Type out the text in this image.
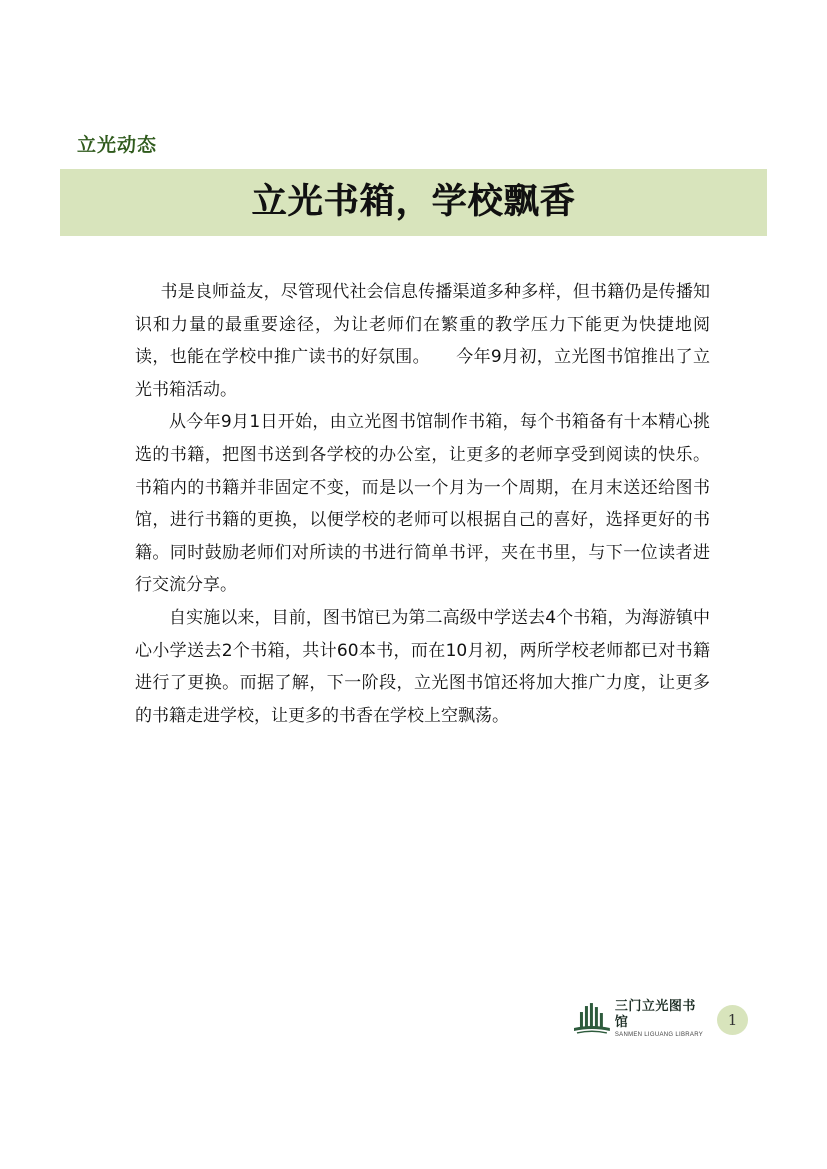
立光动态
立光书箱，学校飘香

书是良师益友，尽管现代社会信息传播渠道多种多样，但书籍仍是传播知识和力量的最重要途径，为让老师们在繁重的教学压力下能更为快捷地阅读，也能在学校中推广读书的好氛围。　　今年9月初，立光图书馆推出了立光书箱活动。

从今年9月1日开始，由立光图书馆制作书箱，每个书箱备有十本精心挑选的书籍，把图书送到各学校的办公室，让更多的老师享受到阅读的快乐。书箱内的书籍并非固定不变，而是以一个月为一个周期，在月末送还给图书馆，进行书籍的更换，以便学校的老师可以根据自己的喜好，选择更好的书籍。同时鼓励老师们对所读的书进行简单书评，夹在书里，与下一位读者进行交流分享。

自实施以来，目前，图书馆已为第二高级中学送去4个书箱，为海游镇中心小学送去2个书箱，共计60本书，而在10月初，两所学校老师都已对书籍进行了更换。而据了解，下一阶段，立光图书馆还将加大推广力度，让更多的书籍走进学校，让更多的书香在学校上空飘荡。

三门立光图书馆
SANMEN LIGUANG LIBRARY
1
